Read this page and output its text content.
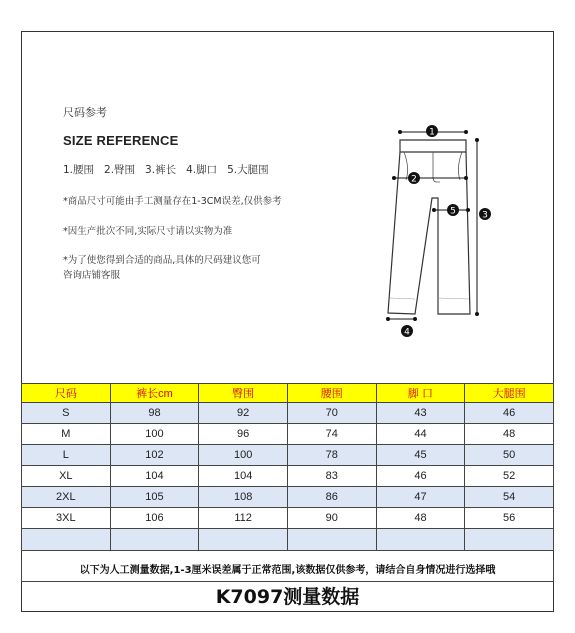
尺码参考
SIZE REFERENCE
1.腰围   2.臀围   3.裤长   4.脚口   5.大腿围
*商品尺寸可能由手工测量存在1-3CM误差,仅供参考
*因生产批次不同,实际尺寸请以实物为准
*为了使您得到合适的商品,具体的尺码建议您可
咨询店铺客服
1
2
3
5
4
尺码	裤长cm	臀围	腰围	脚 口	大腿围
S	98	92	70	43	46
M	100	96	74	44	48
L	102	100	78	45	50
XL	104	104	83	46	52
2XL	105	108	86	47	54
3XL	106	112	90	48	56

以下为人工测量数据,1-3厘米误差属于正常范围,该数据仅供参考，请结合自身情况进行选择哦
K7097测量数据
